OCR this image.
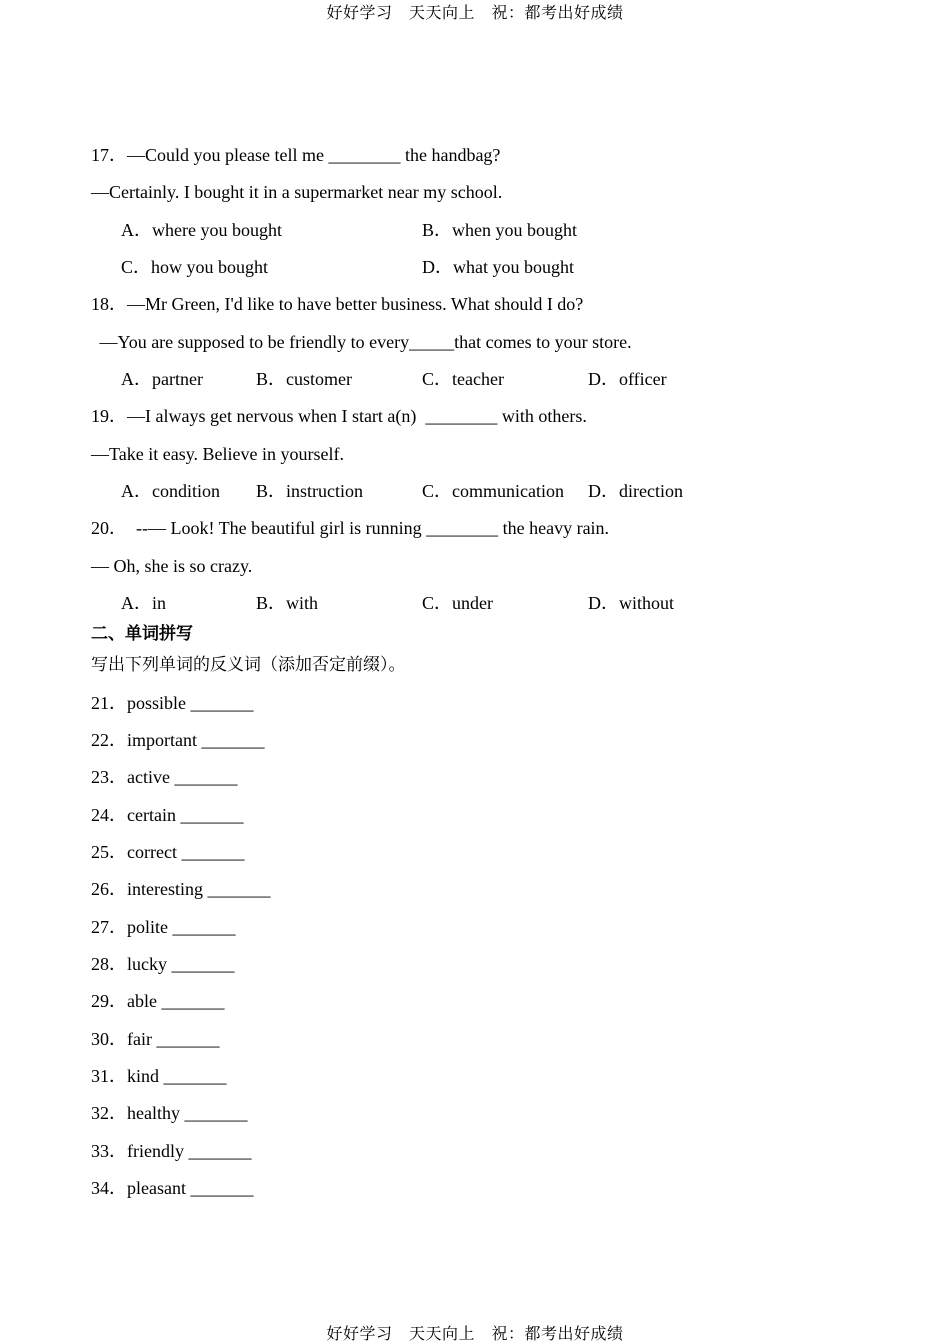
好好学习　天天向上　祝：都考出好成绩
17．—Could you please tell me ________ the handbag?
—Certainly. I bought it in a supermarket near my school.
A．where you bought	B．when you bought
C．how you bought	D．what you bought
18．—Mr Green, I'd like to have better business. What should I do?
—You are supposed to be friendly to every_____that comes to your store.
A．partner	B．customer	C．teacher	D．officer
19．—I always get nervous when I start a(n)  ________ with others.
—Take it easy. Believe in yourself.
A．condition B．instruction	C．communication D．direction
20．  --— Look! The beautiful girl is running ________ the heavy rain.
— Oh, she is so crazy.
A．in	B．with	C．under	D．without
二、单词拼写
写出下列单词的反义词（添加否定前缀）。
21．possible _______
22．important _______
23．active _______
24．certain _______
25．correct _______
26．interesting _______
27．polite _______
28．lucky _______
29．able _______
30．fair _______
31．kind _______
32．healthy _______
33．friendly _______
34．pleasant _______
好好学习　天天向上　祝：都考出好成绩
